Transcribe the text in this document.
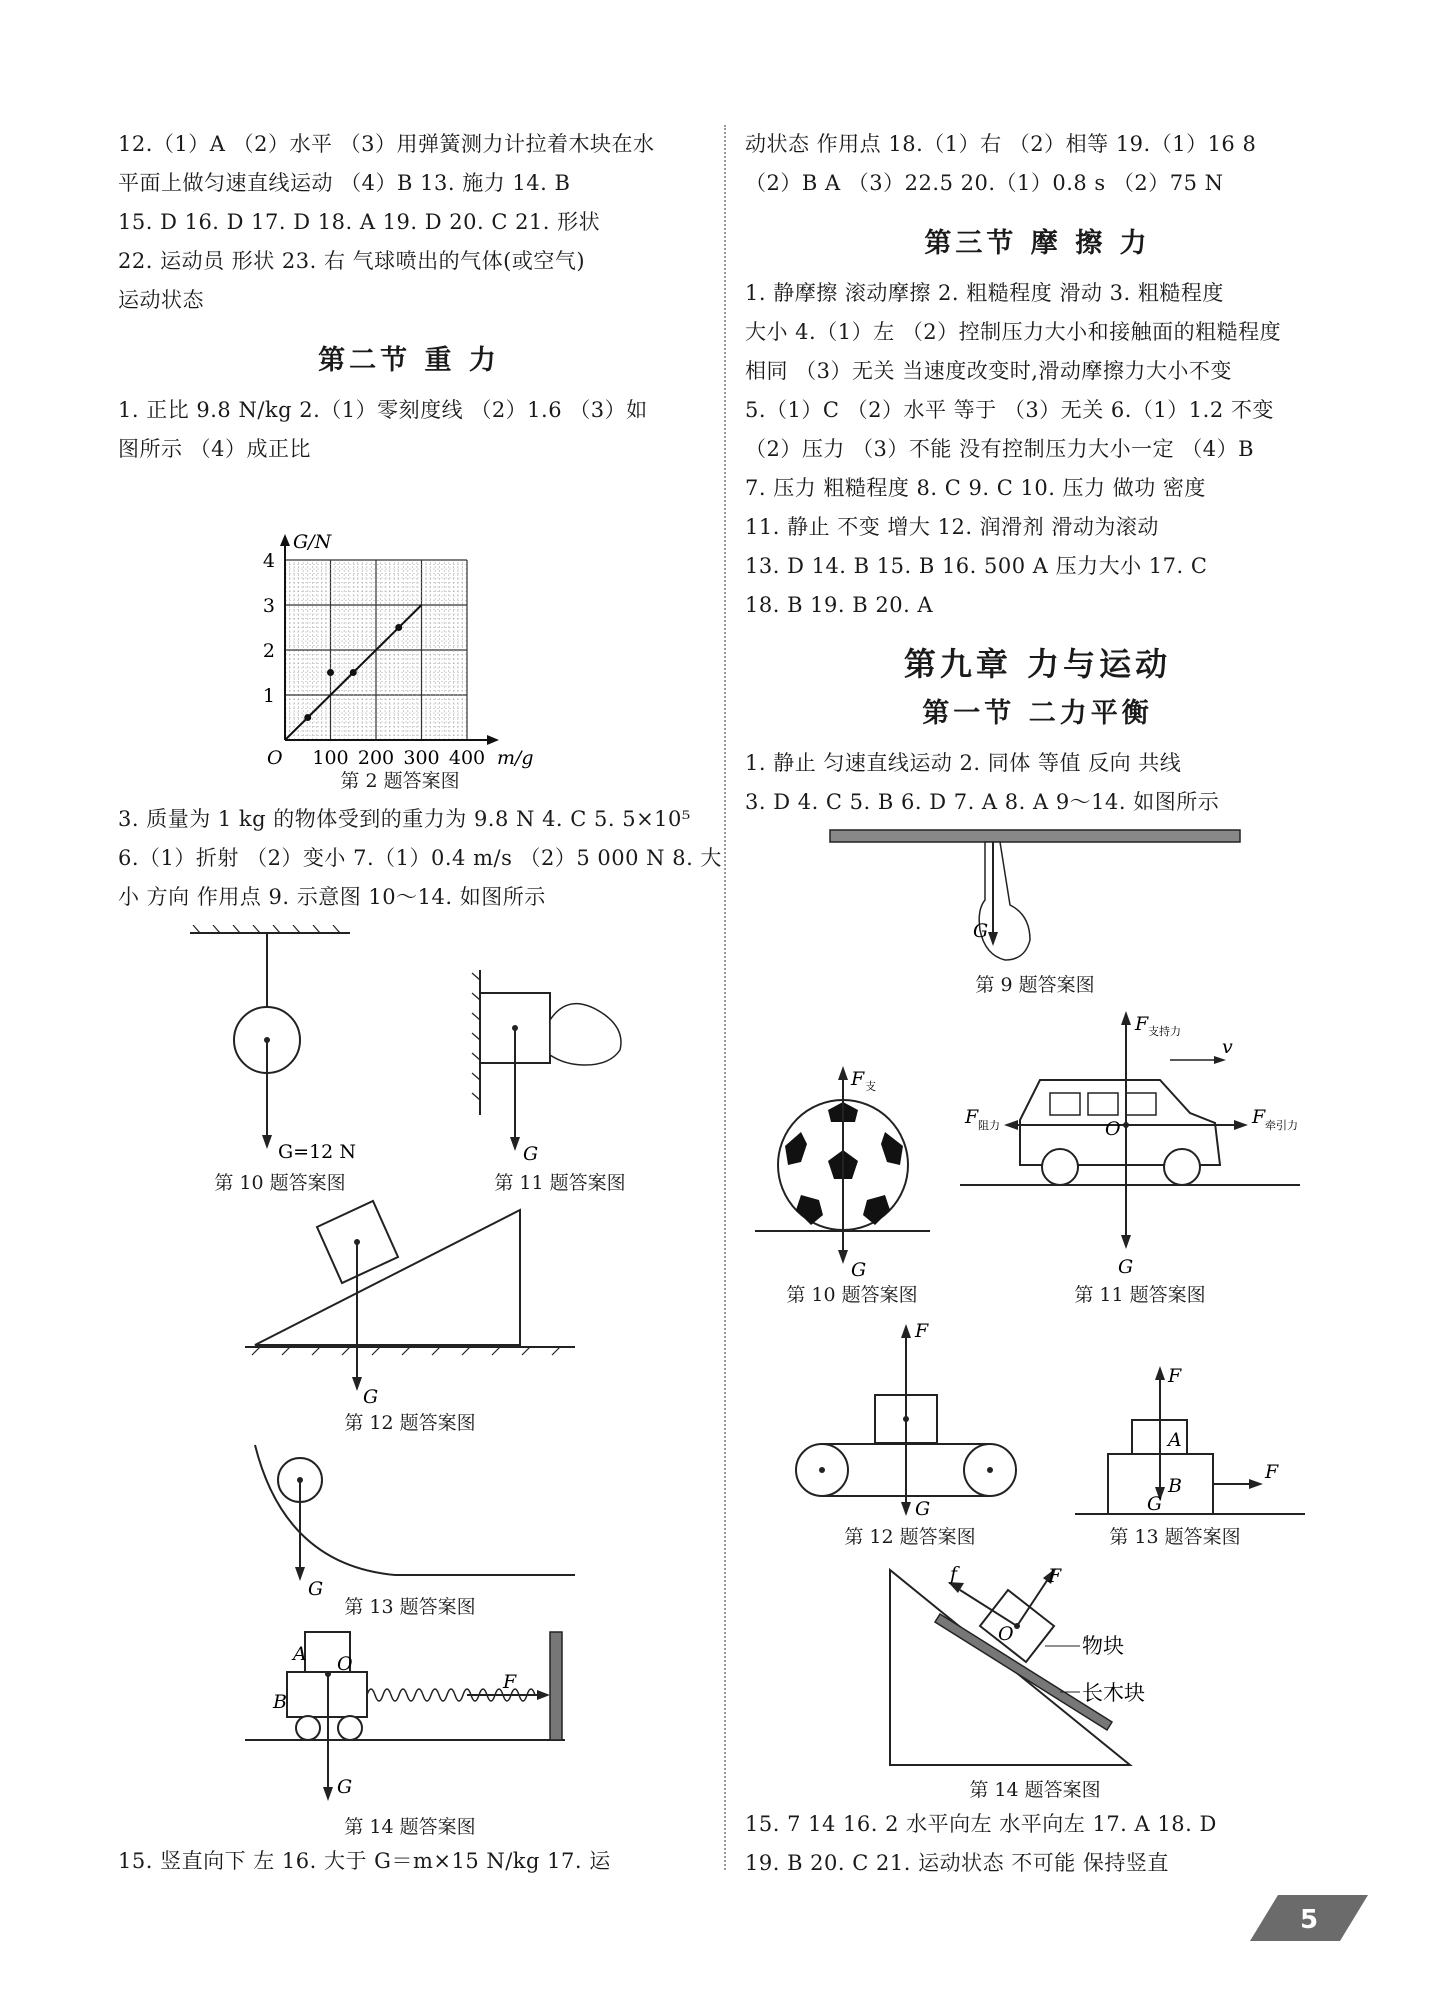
12.（1）A （2）水平 （3）用弹簧测力计拉着木块在水
平面上做匀速直线运动 （4）B 13. 施力 14. B
15. D 16. D 17. D 18. A 19. D 20. C 21. 形状
22. 运动员 形状 23. 右 气球喷出的气体(或空气)
运动状态
第二节 重 力
1. 正比 9.8 N/kg 2.（1）零刻度线 （2）1.6 （3）如
图所示 （4）成正比
100 200 300 400
1
2
3
4
O
G/N
m/g
第 2 题答案图
3. 质量为 1 kg 的物体受到的重力为 9.8 N 4. C 5. 5×10⁵
6.（1）折射 （2）变小 7.（1）0.4 m/s （2）5 000 N 8. 大
小 方向 作用点 9. 示意图 10～14. 如图所示
G=12 N
第 10 题答案图
G
第 11 题答案图
G
第 12 题答案图
G
第 13 题答案图
A
B
O
F
G
第 14 题答案图
15. 竖直向下 左 16. 大于 G＝m×15 N/kg 17. 运
动状态 作用点 18.（1）右 （2）相等 19.（1）16 8
（2）B A （3）22.5 20.（1）0.8 s （2）75 N
第三节 摩 擦 力
1. 静摩擦 滚动摩擦 2. 粗糙程度 滑动 3. 粗糙程度
大小 4.（1）左 （2）控制压力大小和接触面的粗糙程度
相同 （3）无关 当速度改变时,滑动摩擦力大小不变
5.（1）C （2）水平 等于 （3）无关 6.（1）1.2 不变
（2）压力 （3）不能 没有控制压力大小一定 （4）B
7. 压力 粗糙程度 8. C 9. C 10. 压力 做功 密度
11. 静止 不变 增大 12. 润滑剂 滑动为滚动
13. D 14. B 15. B 16. 500 A 压力大小 17. C
18. B 19. B 20. A
第九章 力与运动
第一节 二力平衡
1. 静止 匀速直线运动 2. 同体 等值 反向 共线
3. D 4. C 5. B 6. D 7. A 8. A 9～14. 如图所示
G
第 9 题答案图
F 支
G
第 10 题答案图
F 支持力
F 阻力	F 牵引力
O
v
G
第 11 题答案图
F
G
第 12 题答案图
F
A
B
G
F
第 13 题答案图
F
f
O	物块
长木块
第 14 题答案图
15. 7 14 16. 2 水平向左 水平向左 17. A 18. D
19. B 20. C 21. 运动状态 不可能 保持竖直
5
